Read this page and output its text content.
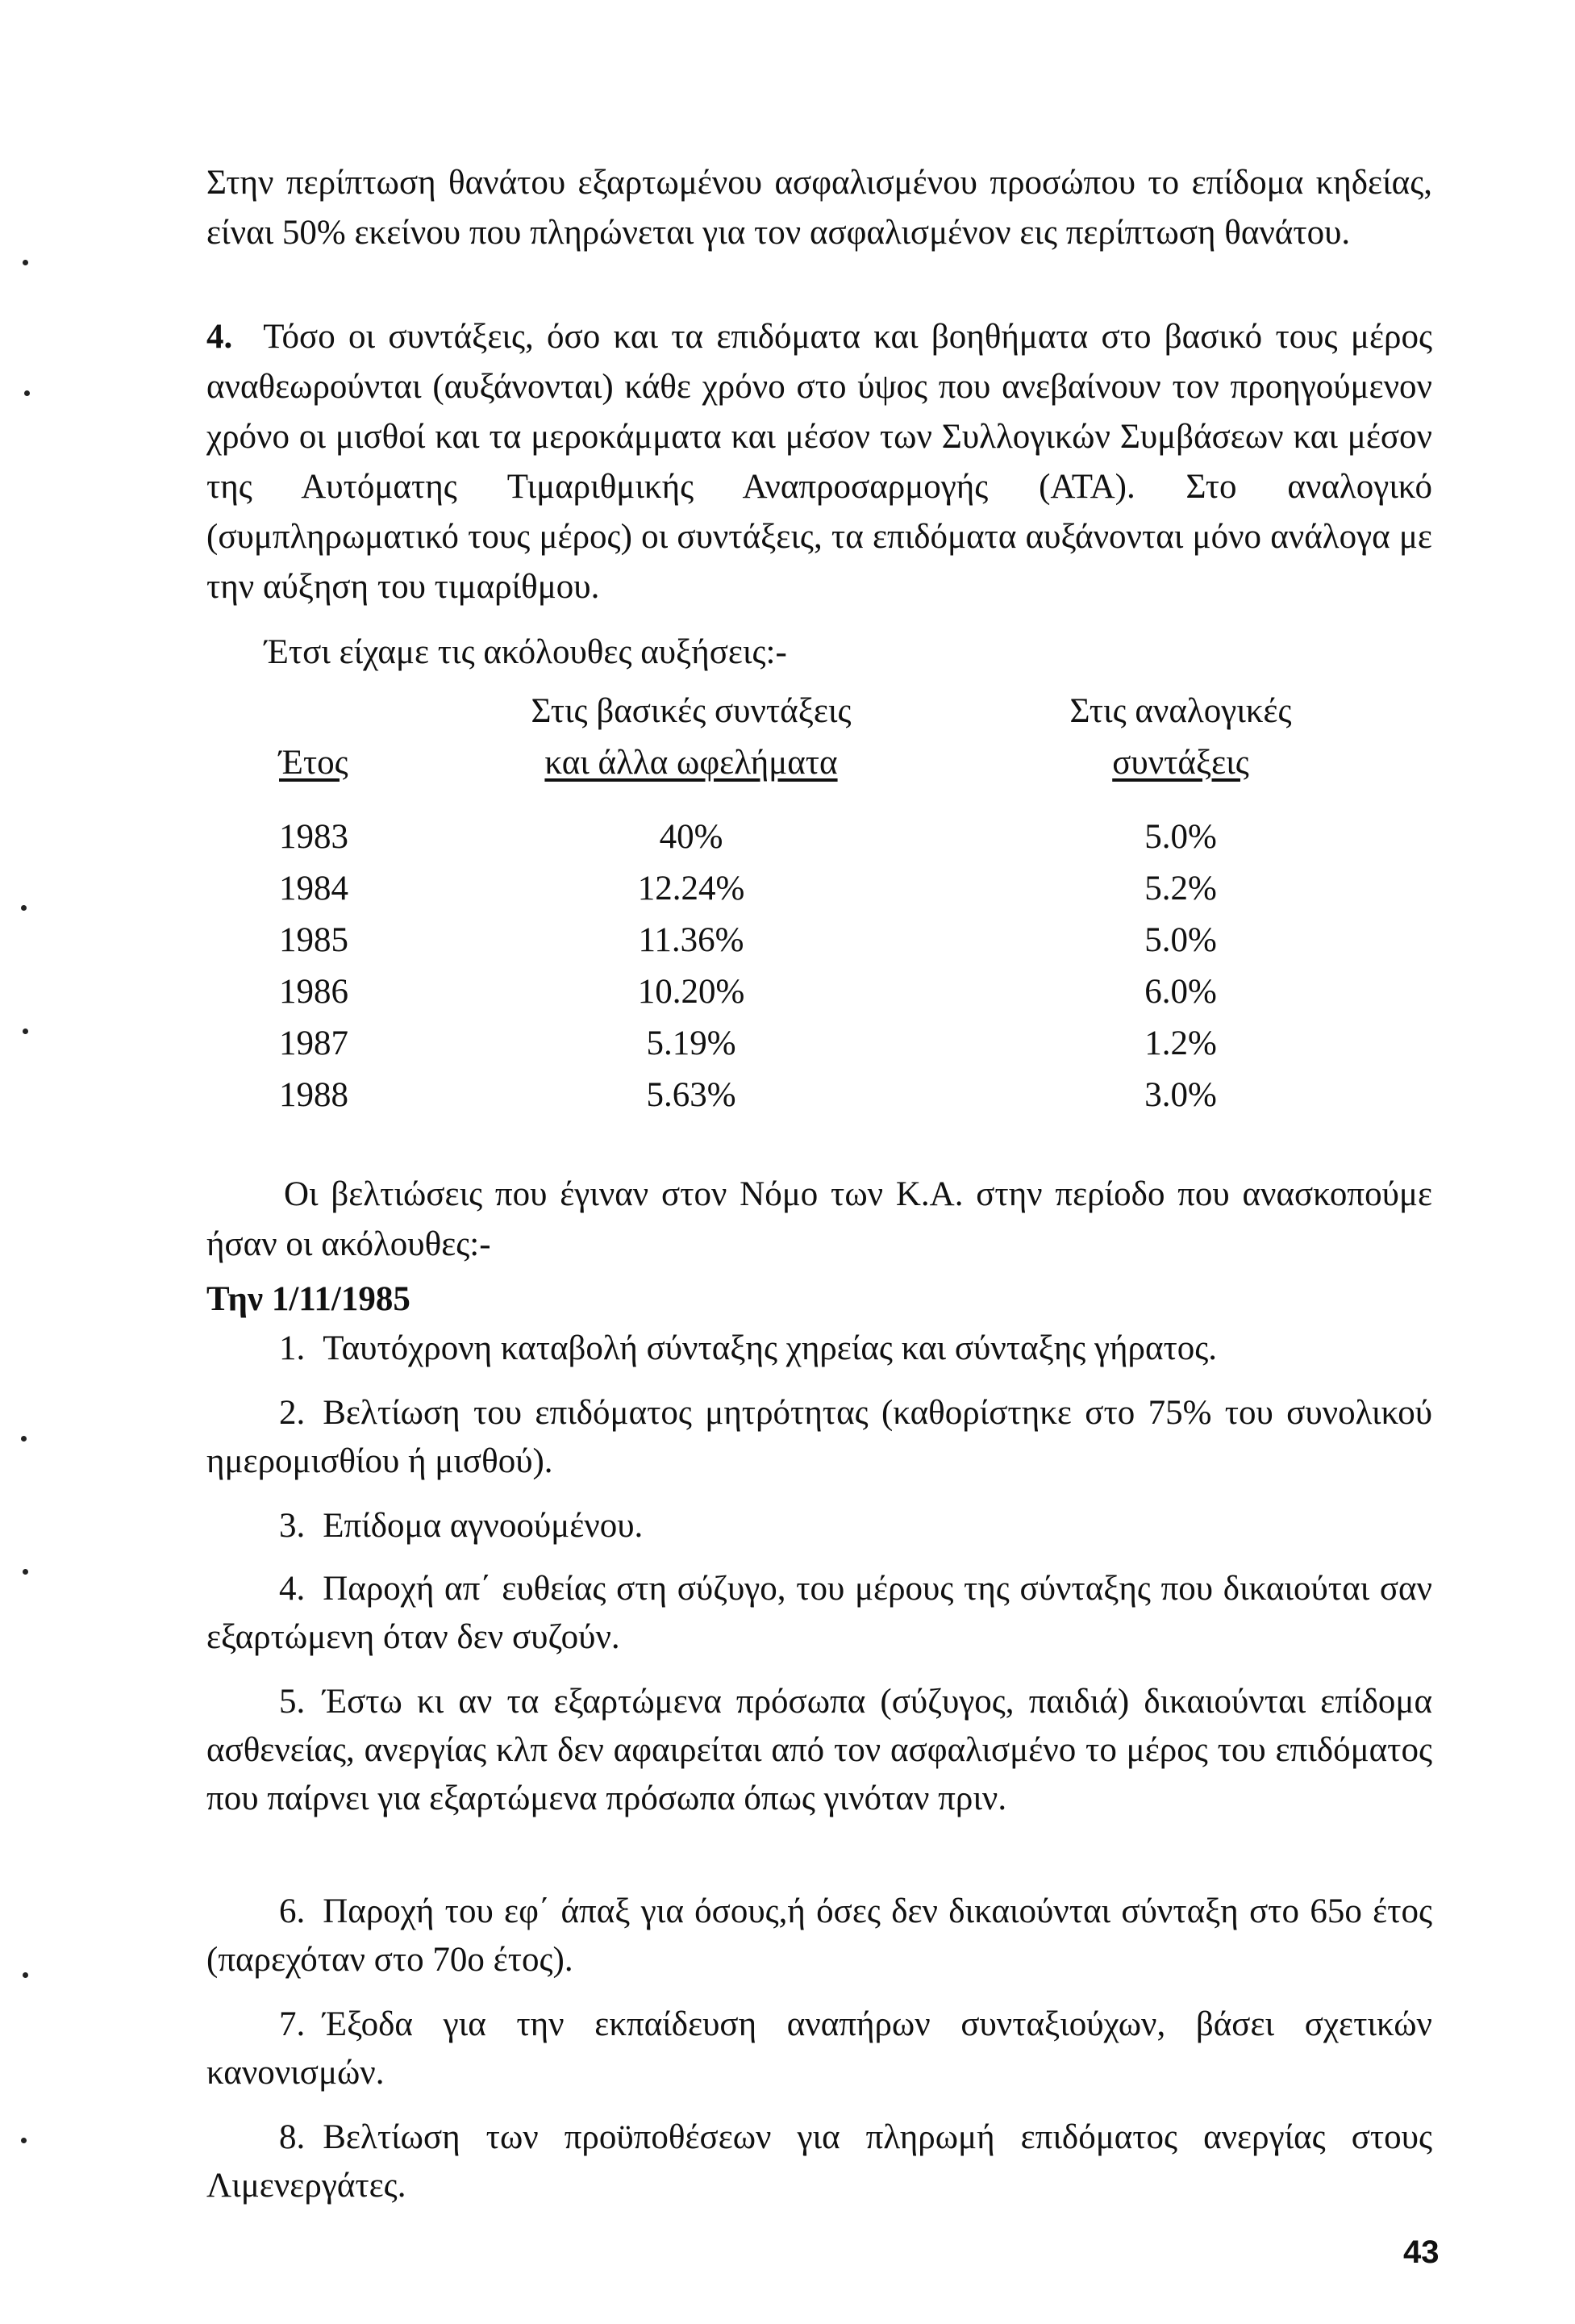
Στην περίπτωση θανάτου εξαρτωμένου ασφαλισμένου προσώπου το επίδομα κηδείας, είναι 50% εκείνου που πληρώνεται για τον ασφαλισμένον εις περίπτωση θανάτου.

4. Τόσο οι συντάξεις, όσο και τα επιδόματα και βοηθήματα στο βασικό τους μέρος αναθεωρούνται (αυξάνονται) κάθε χρόνο στο ύψος που ανεβαίνουν τον προηγούμενον χρόνο οι μισθοί και τα μεροκάμματα και μέσον των Συλλογικών Συμβάσεων και μέσον της Αυτόματης Τιμαριθμικής Αναπροσαρμογής (ΑΤΑ). Στο αναλογικό (συμπληρωματικό τους μέρος) οι συντάξεις, τα επιδόματα αυξάνονται μόνο ανάλογα με την αύξηση του τιμαρίθμου.

Έτσι είχαμε τις ακόλουθες αυξήσεις:-

Στις βασικές συντάξεις	Στις αναλογικές
Έτος	και άλλα ωφελήματα	συντάξεις
1983	40%	5.0%
1984	12.24%	5.2%
1985	11.36%	5.0%
1986	10.20%	6.0%
1987	5.19%	1.2%
1988	5.63%	3.0%

Οι βελτιώσεις που έγιναν στον Νόμο των Κ.Α. στην περίοδο που ανασκοπούμε ήσαν οι ακόλουθες:-

Την 1/11/1985

1. Ταυτόχρονη καταβολή σύνταξης χηρείας και σύνταξης γήρατος.

2. Βελτίωση του επιδόματος μητρότητας (καθορίστηκε στο 75% του συνολικού ημερομισθίου ή μισθού).

3. Επίδομα αγνοούμένου.

4. Παροχή απ΄ ευθείας στη σύζυγο, του μέρους της σύνταξης που δικαιούται σαν εξαρτώμενη όταν δεν συζούν.

5. Έστω κι αν τα εξαρτώμενα πρόσωπα (σύζυγος, παιδιά) δικαιούνται επίδομα ασθενείας, ανεργίας κλπ δεν αφαιρείται από τον ασφαλισμένο το μέρος του επιδόματος που παίρνει για εξαρτώμενα πρόσωπα όπως γινόταν πριν.

6. Παροχή του εφ΄ άπαξ για όσους,ή όσες δεν δικαιούνται σύνταξη στο 65ο έτος (παρεχόταν στο 70ο έτος).

7. Έξοδα για την εκπαίδευση αναπήρων συνταξιούχων, βάσει σχετικών κανονισμών.

8. Βελτίωση των προϋποθέσεων για πληρωμή επιδόματος ανεργίας στους Λιμενεργάτες.

43
